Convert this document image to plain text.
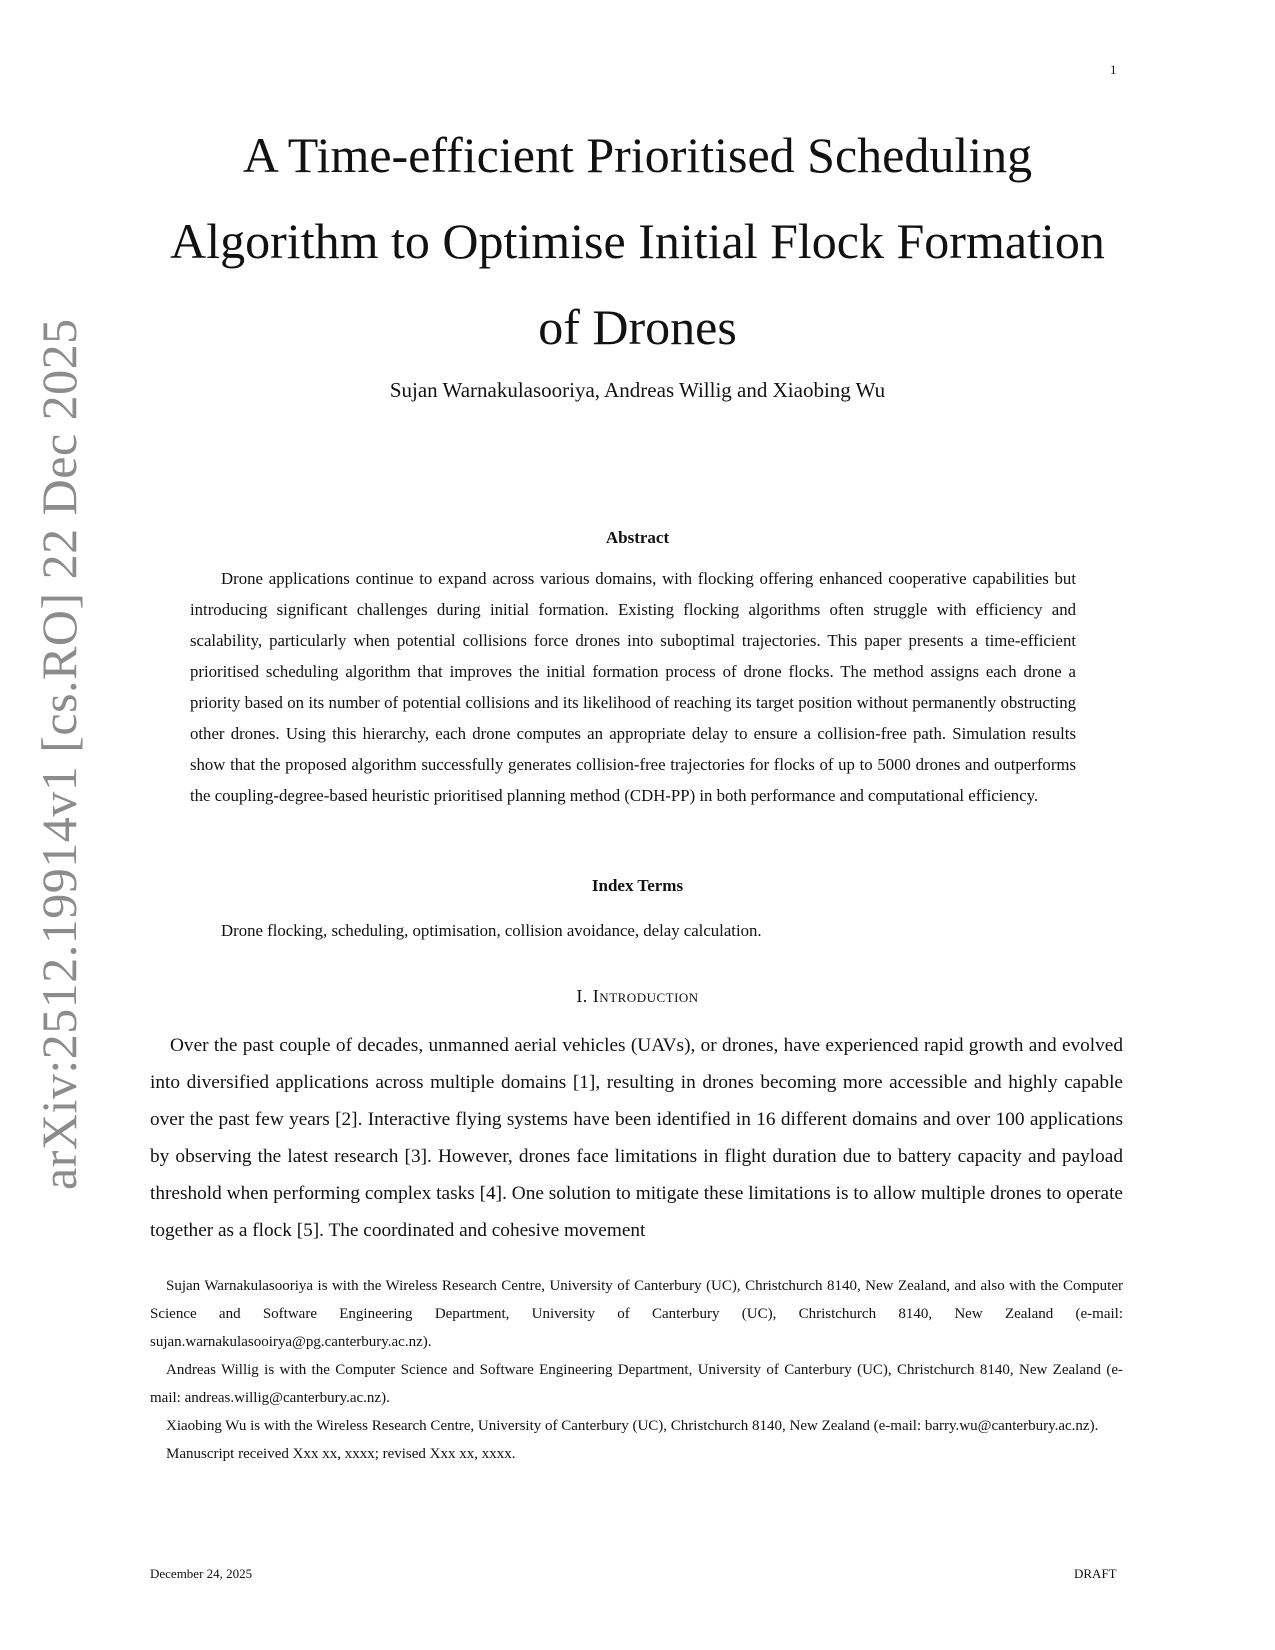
1
arXiv:2512.19914v1 [cs.RO] 22 Dec 2025
A Time-efficient Prioritised Scheduling
Algorithm to Optimise Initial Flock Formation
of Drones
Sujan Warnakulasooriya, Andreas Willig and Xiaobing Wu
Abstract
Drone applications continue to expand across various domains, with flocking offering enhanced cooperative capabilities but introducing significant challenges during initial formation. Existing flocking algorithms often struggle with efficiency and scalability, particularly when potential collisions force drones into suboptimal trajectories. This paper presents a time-efficient prioritised scheduling algorithm that improves the initial formation process of drone flocks. The method assigns each drone a priority based on its number of potential collisions and its likelihood of reaching its target position without permanently obstructing other drones. Using this hierarchy, each drone computes an appropriate delay to ensure a collision-free path. Simulation results show that the proposed algorithm successfully generates collision-free trajectories for flocks of up to 5000 drones and outperforms the coupling-degree-based heuristic prioritised planning method (CDH-PP) in both performance and computational efficiency.
Index Terms
Drone flocking, scheduling, optimisation, collision avoidance, delay calculation.
I. Introduction
Over the past couple of decades, unmanned aerial vehicles (UAVs), or drones, have experienced rapid growth and evolved into diversified applications across multiple domains [1], resulting in drones becoming more accessible and highly capable over the past few years [2]. Interactive flying systems have been identified in 16 different domains and over 100 applications by observing the latest research [3]. However, drones face limitations in flight duration due to battery capacity and payload threshold when performing complex tasks [4]. One solution to mitigate these limitations is to allow multiple drones to operate together as a flock [5]. The coordinated and cohesive movement

Sujan Warnakulasooriya is with the Wireless Research Centre, University of Canterbury (UC), Christchurch 8140, New Zealand, and also with the Computer Science and Software Engineering Department, University of Canterbury (UC), Christchurch 8140, New Zealand (e-mail: sujan.warnakulasooirya@pg.canterbury.ac.nz).

Andreas Willig is with the Computer Science and Software Engineering Department, University of Canterbury (UC), Christchurch 8140, New Zealand (e-mail: andreas.willig@canterbury.ac.nz).

Xiaobing Wu is with the Wireless Research Centre, University of Canterbury (UC), Christchurch 8140, New Zealand (e-mail: barry.wu@canterbury.ac.nz).

Manuscript received Xxx xx, xxxx; revised Xxx xx, xxxx.

December 24, 2025	DRAFT
